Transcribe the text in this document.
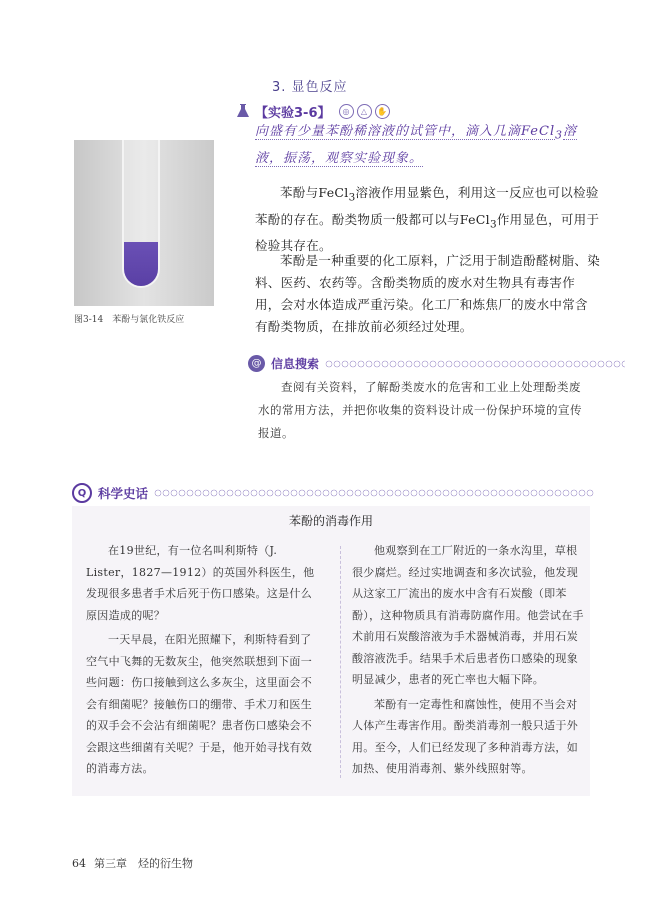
3. 显色反应
【实验3-6】	◎	△	✋
向盛有少量苯酚稀溶液的试管中，滴入几滴FeCl$_3$溶液，振荡，观察实验现象。
图3-14　苯酚与氯化铁反应
苯酚与FeCl$_3$溶液作用显紫色，利用这一反应也可以检验苯酚的存在。酚类物质一般都可以与FeCl$_3$作用显色，可用于检验其存在。
苯酚是一种重要的化工原料，广泛用于制造酚醛树脂、染料、医药、农药等。含酚类物质的废水对生物具有毒害作用，会对水体造成严重污染。化工厂和炼焦厂的废水中常含有酚类物质，在排放前必须经过处理。
@ 信息搜索
查阅有关资料，了解酚类废水的危害和工业上处理酚类废水的常用方法，并把你收集的资料设计成一份保护环境的宣传报道。
Q 科学史话
苯酚的消毒作用

在19世纪，有一位名叫利斯特（J. Lister，1827—1912）的英国外科医生，他发现很多患者手术后死于伤口感染。这是什么原因造成的呢？

一天早晨，在阳光照耀下，利斯特看到了空气中飞舞的无数灰尘，他突然联想到下面一些问题：伤口接触到这么多灰尘，这里面会不会有细菌呢？接触伤口的绷带、手术刀和医生的双手会不会沾有细菌呢？患者伤口感染会不会跟这些细菌有关呢？于是，他开始寻找有效的消毒方法。

他观察到在工厂附近的一条水沟里，草根很少腐烂。经过实地调查和多次试验，他发现从这家工厂流出的废水中含有石炭酸（即苯酚），这种物质具有消毒防腐作用。他尝试在手术前用石炭酸溶液为手术器械消毒，并用石炭酸溶液洗手。结果手术后患者伤口感染的现象明显减少，患者的死亡率也大幅下降。

苯酚有一定毒性和腐蚀性，使用不当会对人体产生毒害作用。酚类消毒剂一般只适于外用。至今，人们已经发现了多种消毒方法，如加热、使用消毒剂、紫外线照射等。

64 第三章　烃的衍生物
